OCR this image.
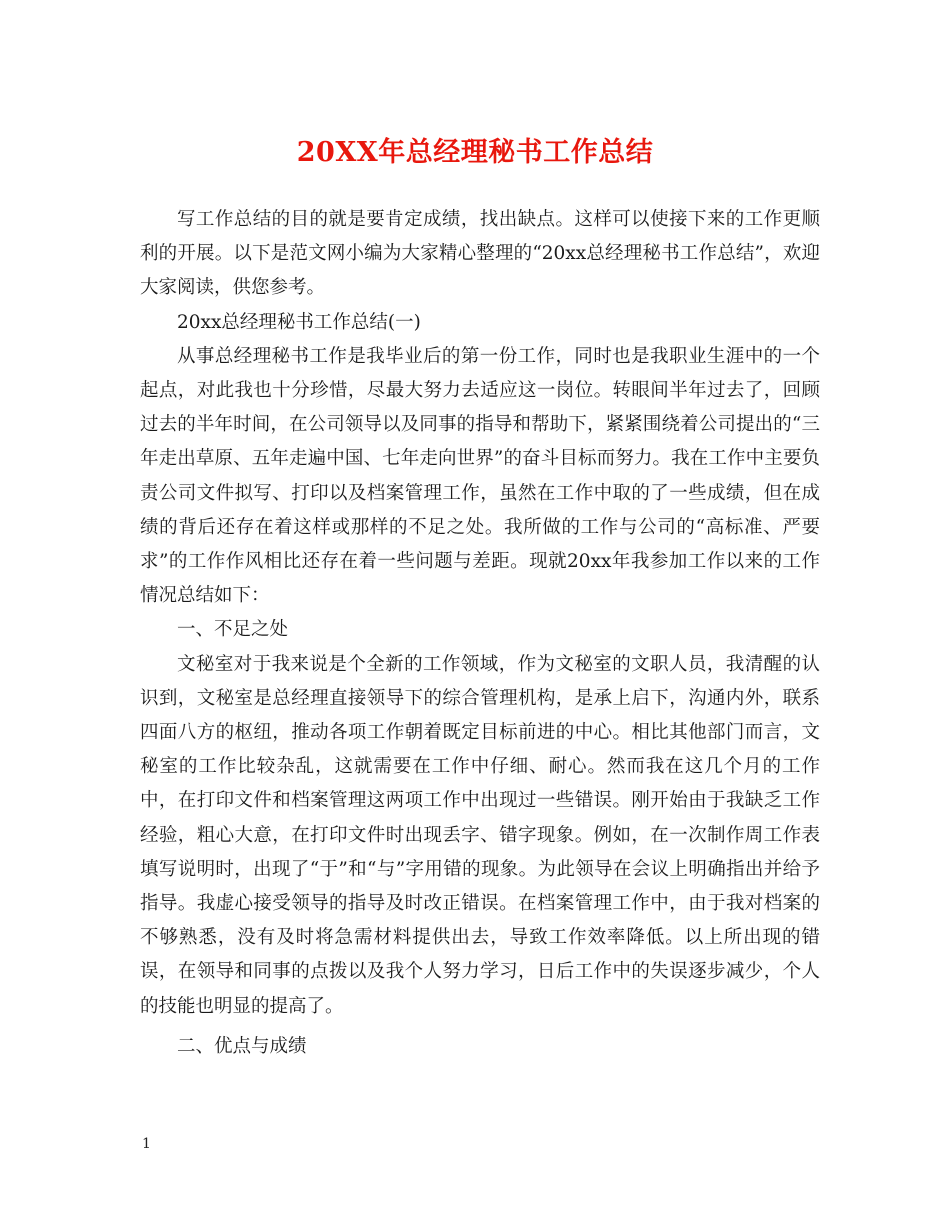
20XX年总经理秘书工作总结

写工作总结的目的就是要肯定成绩，找出缺点。这样可以使接下来的工作更顺利的开展。以下是范文网小编为大家精心整理的“20xx总经理秘书工作总结”，欢迎大家阅读，供您参考。

20xx总经理秘书工作总结(一)

从事总经理秘书工作是我毕业后的第一份工作，同时也是我职业生涯中的一个起点，对此我也十分珍惜，尽最大努力去适应这一岗位。转眼间半年过去了，回顾过去的半年时间，在公司领导以及同事的指导和帮助下，紧紧围绕着公司提出的“三年走出草原、五年走遍中国、七年走向世界”的奋斗目标而努力。我在工作中主要负责公司文件拟写、打印以及档案管理工作，虽然在工作中取的了一些成绩，但在成绩的背后还存在着这样或那样的不足之处。我所做的工作与公司的“高标准、严要求”的工作作风相比还存在着一些问题与差距。现就20xx年我参加工作以来的工作情况总结如下：

一、不足之处

文秘室对于我来说是个全新的工作领域，作为文秘室的文职人员，我清醒的认识到，文秘室是总经理直接领导下的综合管理机构，是承上启下，沟通内外，联系四面八方的枢纽，推动各项工作朝着既定目标前进的中心。相比其他部门而言，文秘室的工作比较杂乱，这就需要在工作中仔细、耐心。然而我在这几个月的工作中，在打印文件和档案管理这两项工作中出现过一些错误。刚开始由于我缺乏工作经验，粗心大意，在打印文件时出现丢字、错字现象。例如，在一次制作周工作表填写说明时，出现了“于”和“与”字用错的现象。为此领导在会议上明确指出并给予指导。我虚心接受领导的指导及时改正错误。在档案管理工作中，由于我对档案的不够熟悉，没有及时将急需材料提供出去，导致工作效率降低。以上所出现的错误，在领导和同事的点拨以及我个人努力学习，日后工作中的失误逐步减少，个人的技能也明显的提高了。

二、优点与成绩

1
